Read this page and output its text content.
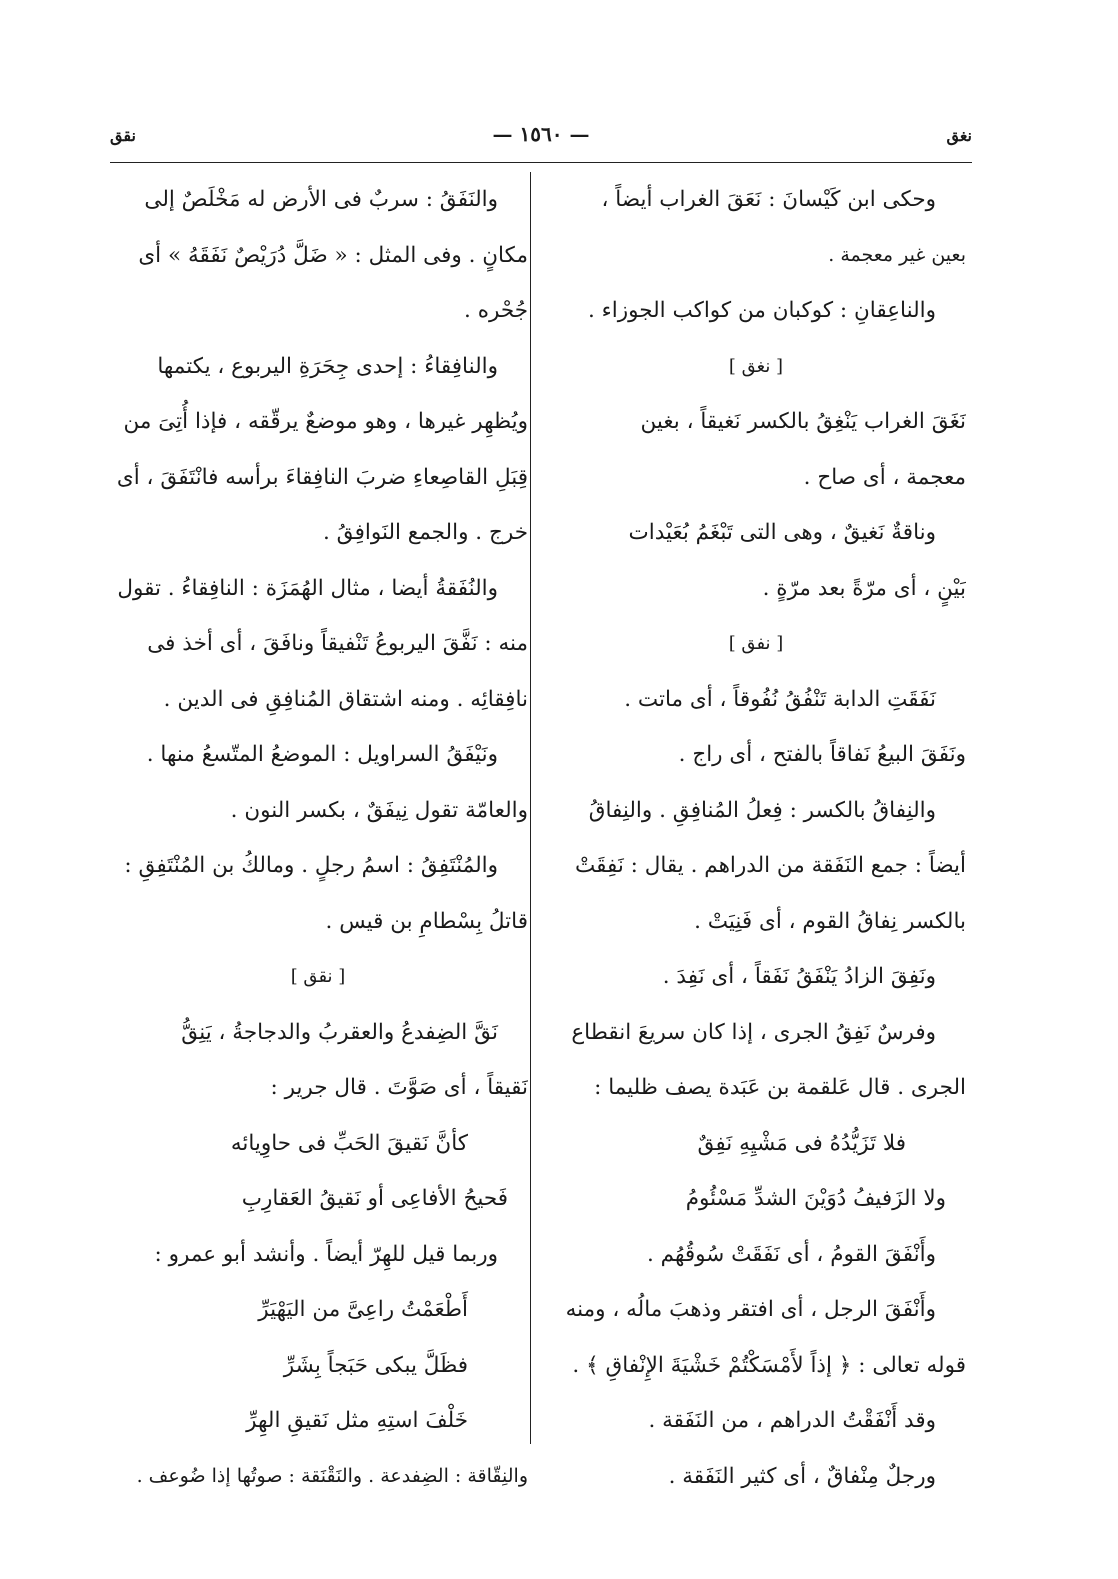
نغق
— ١٥٦٠ —
نقق
وحكى ابن كَيْسانَ : نَعَقَ الغراب أيضاً ،
بعين غير معجمة .
والناعِقانِ : كوكبان من كواكب الجوزاء .
[ نغق ]
نَغَقَ الغراب يَنْغِقُ بالكسر نَغيقاً ، بغين
معجمة ، أى صاح .
وناقةٌ نَغيقٌ ، وهى التى تَبْغَمُ بُعَيْدات
بَيْنٍ ، أى مرّةً بعد مرّةٍ .
[ نفق ]
نَفَقَتِ الدابة تَنْفُقُ نُفُوقاً ، أى ماتت .
ونَفَقَ البيعُ نَفاقاً بالفتح ، أى راج .
والنِفاقُ بالكسر : فِعلُ المُنافِقِ . والنِفاقُ
أيضاً : جمع النَفَقة من الدراهم . يقال : نَفِقَتْ
بالكسر نِفاقُ القوم ، أى فَنِيَتْ .
ونَفِقَ الزادُ يَنْفَقُ نَفَقاً ، أى نَفِدَ .
وفرسٌ نَفِقُ الجرى ، إذا كان سريعَ انقطاع
الجرى . قال عَلقمة بن عَبَدة يصف ظليما :
فلا تَزَيُّدُهُ فى مَشْيِهِ نَفِقٌ
ولا الزَفيفُ دُوَيْنَ الشدِّ مَسْئُومُ
وأَنْفَقَ القومُ ، أى نَفَقَتْ سُوقُهُم .
وأَنْفَقَ الرجل ، أى افتقر وذهبَ مالُه ، ومنه
قوله تعالى : ﴿ إذاً لأَمْسَكْتُمْ خَشْيَةَ الإِنْفاقِ ﴾ .
وقد أَنْفَقْتُ الدراهم ، من النَفَقة .
ورجلٌ مِنْفاقٌ ، أى كثير النَفَقة .
والنَفَقُ : سربٌ فى الأرض له مَخْلَصٌ إلى
مكانٍ . وفى المثل : « ضَلَّ دُرَيْصٌ نَفَقَهُ » أى
جُحْره .
والنافِقاءُ : إحدى جِحَرَةِ اليربوع ، يكتمها
ويُظهِر غيرها ، وهو موضعٌ يرقّقه ، فإذا أُتِىَ من
قِبَلِ القاصِعاءِ ضربَ النافِقاءَ برأسه فانْتَفَقَ ، أى
خرج . والجمع النَوافِقُ .
والنُفَقةُ أيضا ، مثال الهُمَزَة : النافِقاءُ . تقول
منه : نَفَّقَ اليربوعُ تَنْفيقاً ونافَقَ ، أى أخذ فى
نافِقائِه . ومنه اشتقاق المُنافِقِ فى الدين .
ونَيْفَقُ السراويل : الموضعُ المتّسعُ منها .
والعامّة تقول نِيفَقٌ ، بكسر النون .
والمُنْتَفِقُ : اسمُ رجلٍ . ومالكُ بن المُنْتَفِقِ :
قاتلُ بِسْطامِ بن قيس .
[ نقق ]
نَقَّ الضِفدعُ والعقربُ والدجاجةُ ، يَنِقُّ
نَقيقاً ، أى صَوَّتَ . قال جرير :
كأنَّ نَقيقَ الحَبِّ فى حاوِيائه
فَحيحُ الأفاعِى أو نَقيقُ العَقارِبِ
وربما قيل للهِرّ أيضاً . وأنشد أبو عمرو :
أَطْعَمْتُ راعِىَّ من اليَهْيَرِّ
فظَلَّ يبكى حَبَجاً بِشَرِّ
خَلْفَ استِهِ مثل نَقيقِ الهِرِّ
والنِقّاقة : الضِفدعة . والنَقْنَقة : صوتُها إذا ضُوعف .
